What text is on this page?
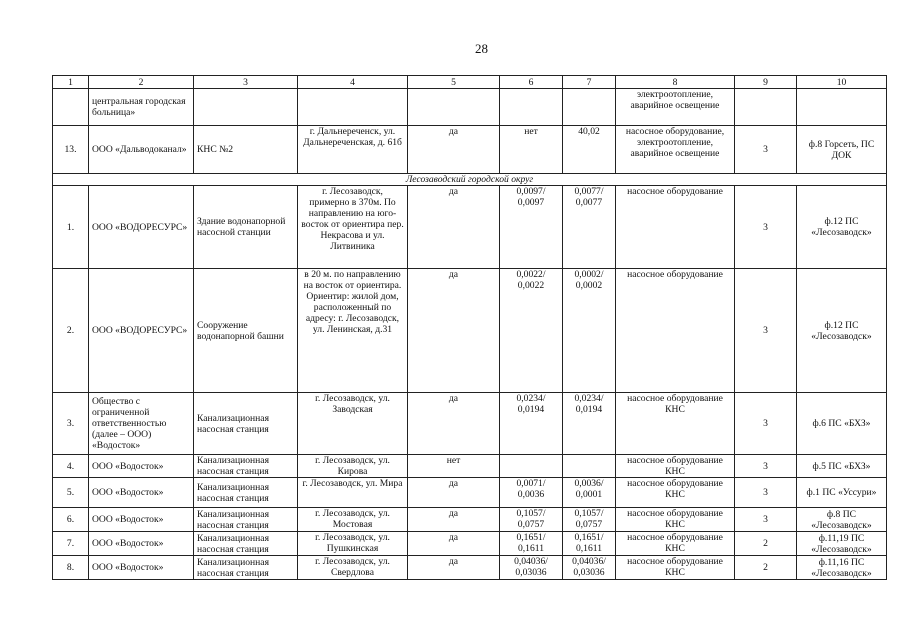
28
1	2	3	4	5	6	7	8	9	10
	центральная городская больница»						электроотопление, аварийное освещение		
13.	ООО «Дальводоканал»	КНС №2	г. Дальнереченск, ул. Дальнереченская, д. 61б	да	нет	40,02	насосное оборудование, электроотопление, аварийное освещение	3	ф.8 Горсеть, ПС ДОК
Лесозаводский городской округ									
1.	ООО «ВОДОРЕСУРС»	Здание водонапорной насосной станции	г. Лесозаводск, примерно в 370м. По направлению на юго-восток от ориентира пер. Некрасова и ул. Литвиника	да	0,0097/ 0,0097	0,0077/ 0,0077	насосное оборудование	3	ф.12 ПС «Лесозаводск»
2.	ООО «ВОДОРЕСУРС»	Сооружение водонапорной башни	в 20 м. по направлению на восток от ориентира. Ориентир: жилой дом, расположенный по адресу: г. Лесозаводск, ул. Ленинская, д.31	да	0,0022/ 0,0022	0,0002/ 0,0002	насосное оборудование	3	ф.12 ПС «Лесозаводск»
3.	Общество с ограниченной ответственностью (далее – ООО) «Водосток»	Канализационная насосная станция	г. Лесозаводск, ул. Заводская	да	0,0234/ 0,0194	0,0234/ 0,0194	насосное оборудование КНС	3	ф.6 ПС «БХЗ»
4.	ООО «Водосток»	Канализационная насосная станция	г. Лесозаводск, ул. Кирова	нет			насосное оборудование КНС	3	ф.5 ПС «БХЗ»
5.	ООО «Водосток»	Канализационная насосная станция	г. Лесозаводск, ул. Мира	да	0,0071/ 0,0036	0,0036/ 0,0001	насосное оборудование КНС	3	ф.1 ПС «Уссури»
6.	ООО «Водосток»	Канализационная насосная станция	г. Лесозаводск, ул. Мостовая	да	0,1057/ 0,0757	0,1057/ 0,0757	насосное оборудование КНС	3	ф.8 ПС «Лесозаводск»
7.	ООО «Водосток»	Канализационная насосная станция	г. Лесозаводск, ул. Пушкинская	да	0,1651/ 0,1611	0,1651/ 0,1611	насосное оборудование КНС	2	ф.11,19 ПС «Лесозаводск»
8.	ООО «Водосток»	Канализационная насосная станция	г. Лесозаводск, ул. Свердлова	да	0,04036/ 0,03036	0,04036/ 0,03036	насосное оборудование КНС	2	ф.11,16 ПС «Лесозаводск»
